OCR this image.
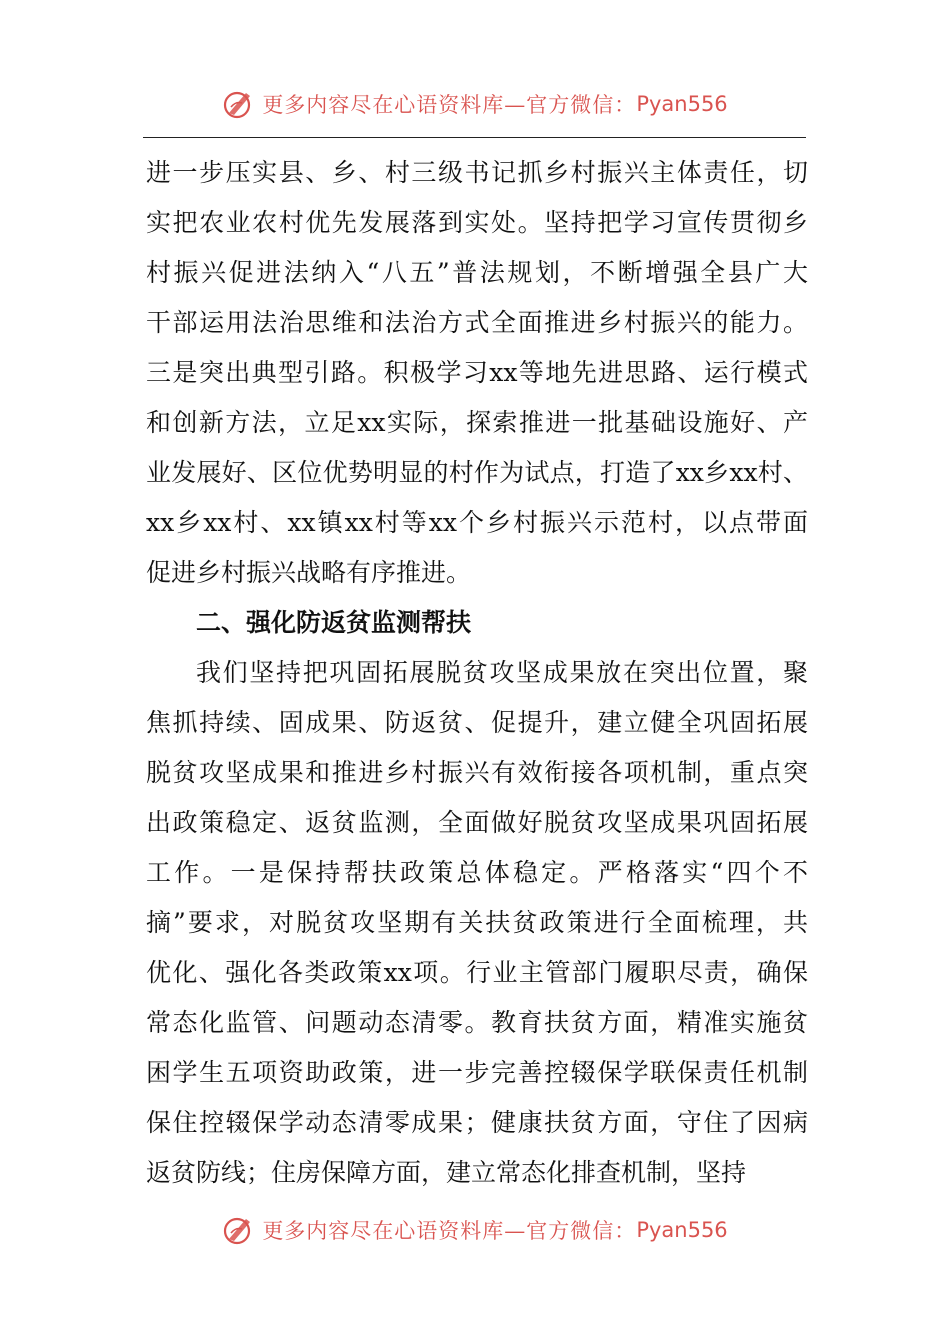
更多内容尽在心语资料库—官方微信： Pyan556
进一步压实县、乡、村三级书记抓乡村振兴主体责任，切
实把农业农村优先发展落到实处。坚持把学习宣传贯彻乡
村振兴促进法纳入“八五”普法规划，不断增强全县广大
干部运用法治思维和法治方式全面推进乡村振兴的能力。
三是突出典型引路。积极学习xx等地先进思路、运行模式
和创新方法，立足xx实际，探索推进一批基础设施好、产
业发展好、区位优势明显的村作为试点，打造了xx乡xx村、
xx乡xx村、xx镇xx村等xx个乡村振兴示范村，以点带面
促进乡村振兴战略有序推进。
二、强化防返贫监测帮扶
我们坚持把巩固拓展脱贫攻坚成果放在突出位置，聚
焦抓持续、固成果、防返贫、促提升，建立健全巩固拓展
脱贫攻坚成果和推进乡村振兴有效衔接各项机制，重点突
出政策稳定、返贫监测，全面做好脱贫攻坚成果巩固拓展
工作。一是保持帮扶政策总体稳定。严格落实“四个不
摘”要求，对脱贫攻坚期有关扶贫政策进行全面梳理，共
优化、强化各类政策xx项。行业主管部门履职尽责，确保
常态化监管、问题动态清零。教育扶贫方面，精准实施贫
困学生五项资助政策，进一步完善控辍保学联保责任机制
保住控辍保学动态清零成果；健康扶贫方面，守住了因病
返贫防线；住房保障方面，建立常态化排查机制，坚持
更多内容尽在心语资料库—官方微信： Pyan556
